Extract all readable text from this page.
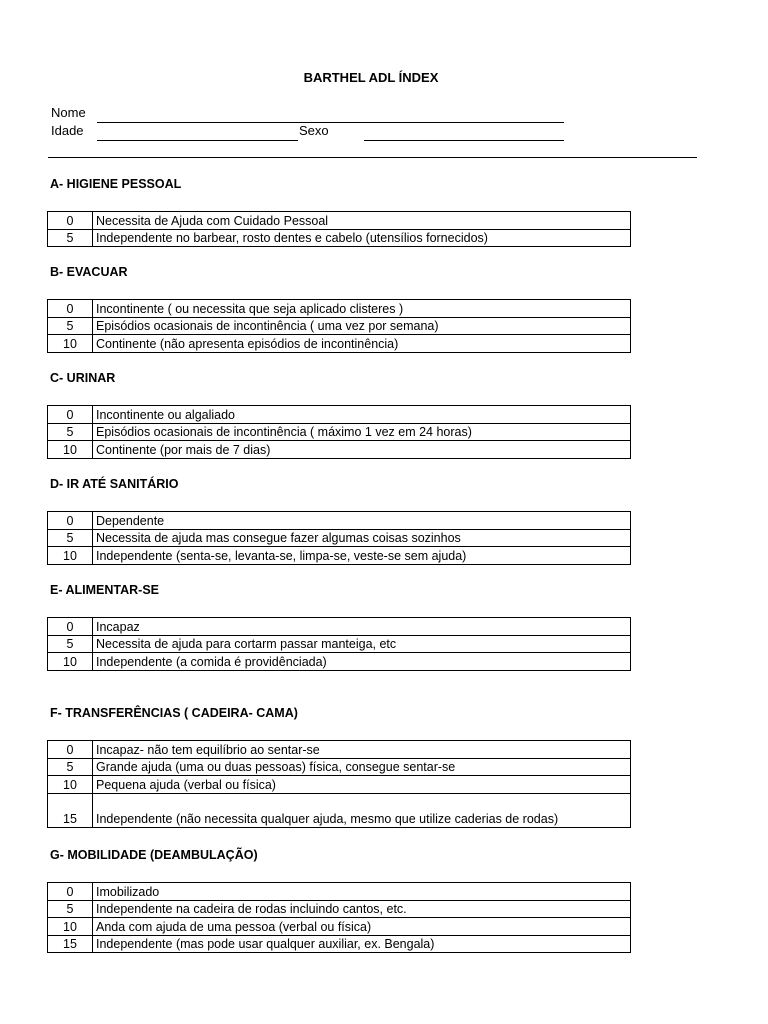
BARTHEL ADL ÍNDEX
Nome
Idade	Sexo
A- HIGIENE PESSOAL
0	Necessita de Ajuda com Cuidado Pessoal
5	Independente no barbear, rosto dentes e cabelo (utensílios fornecidos)
B- EVACUAR
0	Incontinente ( ou necessita que seja aplicado clisteres )
5	Episódios ocasionais de incontinência ( uma vez por semana)
10	Continente (não apresenta episódios de incontinência)
C- URINAR
0	Incontinente ou algaliado
5	Episódios ocasionais de incontinência ( máximo 1 vez em 24 horas)
10	Continente (por mais de 7 dias)
D- IR ATÉ SANITÁRIO
0	Dependente
5	Necessita de ajuda mas consegue fazer algumas coisas sozinhos
10	Independente (senta-se, levanta-se, limpa-se, veste-se sem ajuda)
E- ALIMENTAR-SE
0	Incapaz
5	Necessita de ajuda para cortarm passar manteiga, etc
10	Independente (a comida é providênciada)
F- TRANSFERÊNCIAS ( CADEIRA- CAMA)
0	Incapaz- não tem equilíbrio ao sentar-se
5	Grande ajuda (uma ou duas pessoas) física, consegue sentar-se
10	Pequena ajuda (verbal ou física)
15	Independente (não necessita qualquer ajuda, mesmo que utilize caderias de rodas)
G- MOBILIDADE (DEAMBULAÇÃO)
0	Imobilizado
5	Independente na cadeira de rodas incluindo cantos, etc.
10	Anda com ajuda de uma pessoa (verbal ou física)
15	Independente (mas pode usar qualquer auxiliar, ex. Bengala)
